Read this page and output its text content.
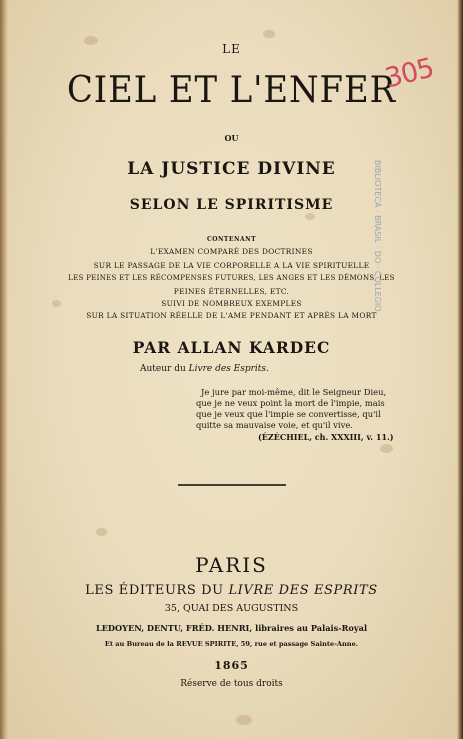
LE
CIEL ET L'ENFER
OU
LA JUSTICE DIVINE
SELON LE SPIRITISME
CONTENANT
L'EXAMEN COMPARÉ DES DOCTRINES
SUR LE PASSAGE DE LA VIE CORPORELLE A LA VIE SPIRITUELLE
LES PEINES ET LES RÉCOMPENSES FUTURES, LES ANGES ET LES DÉMONS, LES
PEINES ÉTERNELLES, ETC.
SUIVI DE NOMBREUX EXEMPLES
SUR LA SITUATION RÉELLE DE L'AME PENDANT ET APRÈS LA MORT
PAR ALLAN KARDEC
Auteur du Livre des Esprits.
Je jure par moi-même, dit le Seigneur Dieu,
que je ne veux point la mort de l'impie, mais
que je veux que l'impie se convertisse, qu'il
quitte sa mauvaise voie, et qu'il vive.
(ÉZÉCHIEL, ch. XXXIII, v. 11.)
PARIS
LES ÉDITEURS DU LIVRE DES ESPRITS
35, QUAI DES AUGUSTINS
LEDOYEN, DENTU, FRÉD. HENRI, libraires au Palais-Royal
Et au Bureau de la REVUE SPIRITE, 59, rue et passage Sainte-Anne.
1865
Réserve de tous droits
305
BIBLIOTECA · BRASIL · DO · COLLEGIO
